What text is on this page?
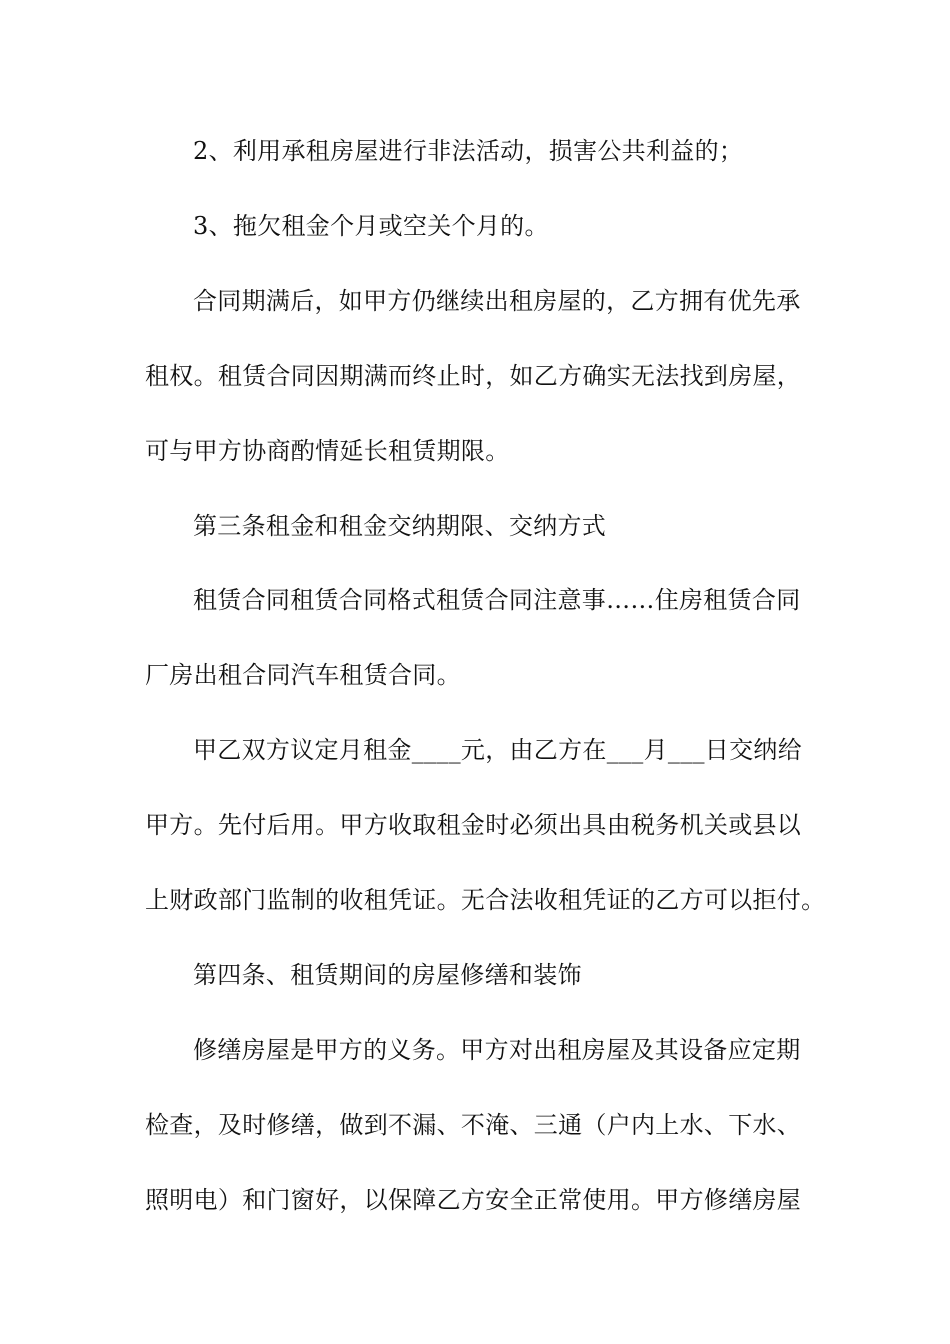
2、利用承租房屋进行非法活动，损害公共利益的；
3、拖欠租金个月或空关个月的。
合同期满后，如甲方仍继续出租房屋的，乙方拥有优先承
租权。租赁合同因期满而终止时，如乙方确实无法找到房屋，
可与甲方协商酌情延长租赁期限。
第三条租金和租金交纳期限、交纳方式
租赁合同租赁合同格式租赁合同注意事……住房租赁合同
厂房出租合同汽车租赁合同。
甲乙双方议定月租金____元，由乙方在___月___日交纳给
甲方。先付后用。甲方收取租金时必须出具由税务机关或县以
上财政部门监制的收租凭证。无合法收租凭证的乙方可以拒付。
第四条、租赁期间的房屋修缮和装饰
修缮房屋是甲方的义务。甲方对出租房屋及其设备应定期
检查，及时修缮，做到不漏、不淹、三通（户内上水、下水、
照明电）和门窗好，以保障乙方安全正常使用。甲方修缮房屋
